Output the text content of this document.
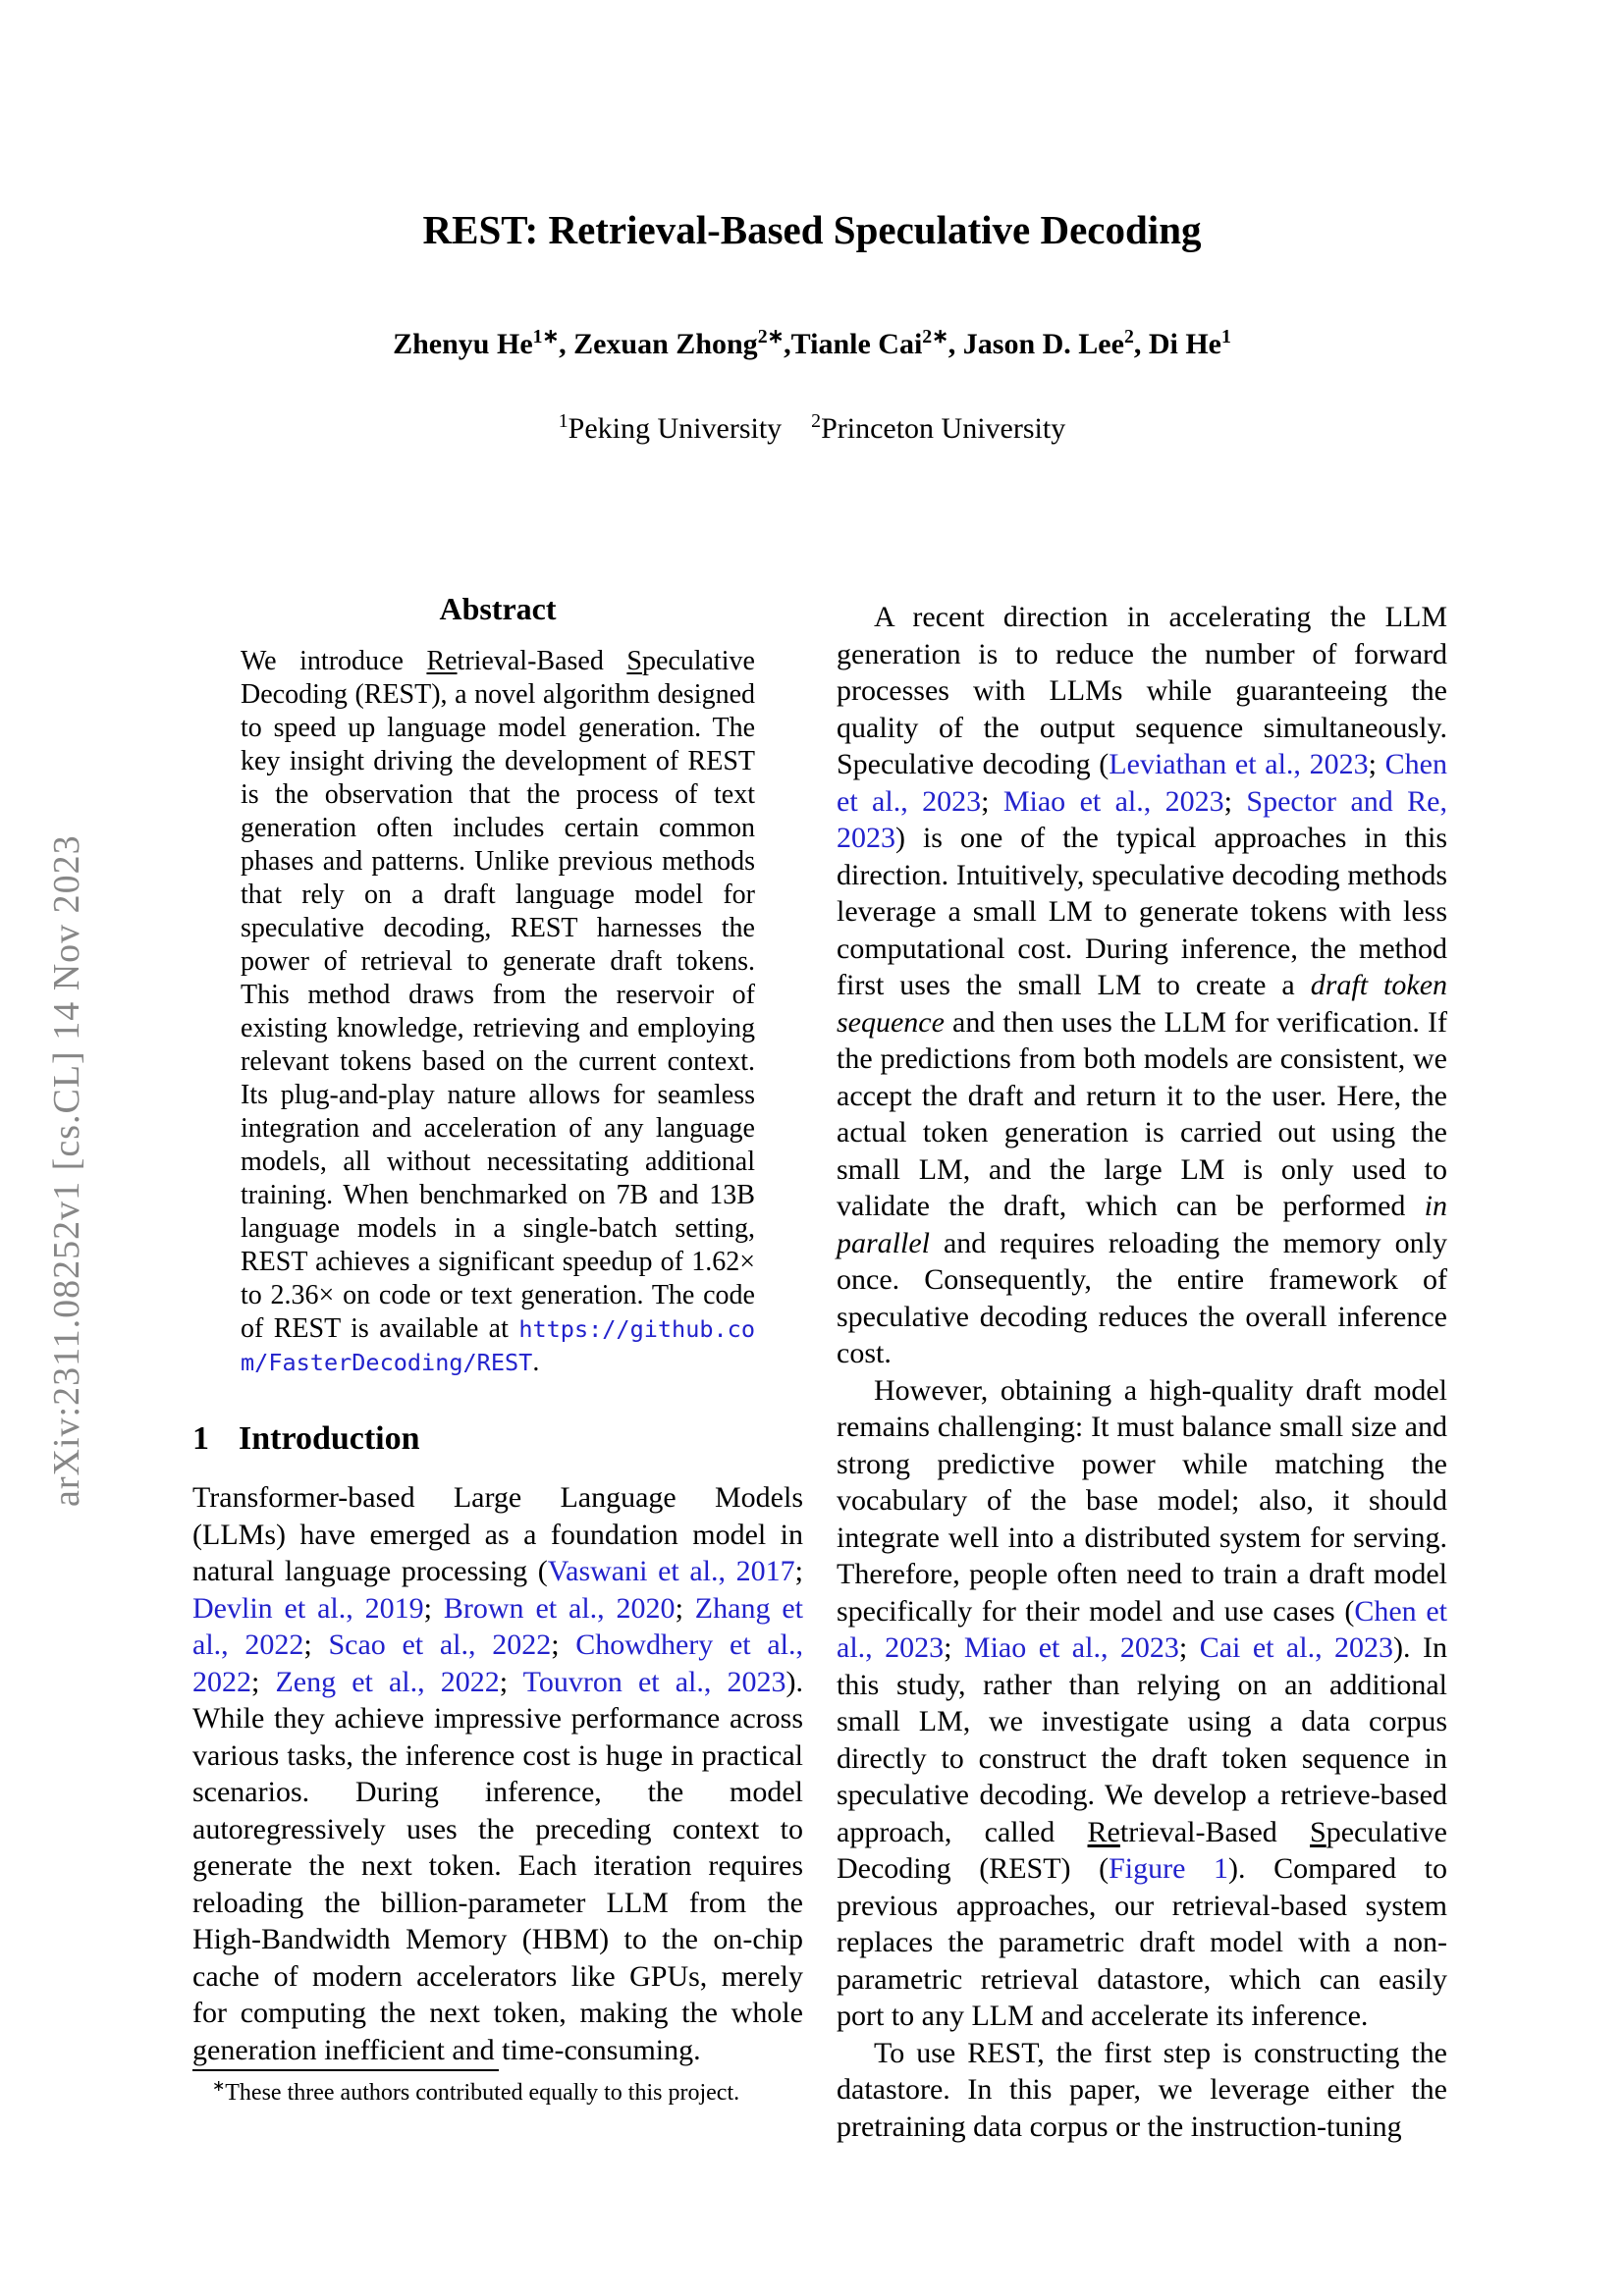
arXiv:2311.08252v1 [cs.CL] 14 Nov 2023
REST: Retrieval-Based Speculative Decoding
Zhenyu $He^{1∗}$, Zexuan Zhong$^{2∗}$,Tianle Cai$^{2∗}$, Jason D. Lee$^2$, Di He$^1$
$^1$Peking University  $^2$Princeton University
Abstract
We introduce Retrieval-Based Speculative Decoding (REST), a novel algorithm designed to speed up language model generation. The key insight driving the development of REST is the observation that the process of text generation often includes certain common phases and patterns. Unlike previous methods that rely on a draft language model for speculative decoding, REST harnesses the power of retrieval to generate draft tokens. This method draws from the reservoir of existing knowledge, retrieving and employing relevant tokens based on the current context. Its plug-and-play nature allows for seamless integration and acceleration of any language models, all without necessitating additional training. When benchmarked on 7B and 13B language models in a single-batch setting, REST achieves a significant speedup of 1.62× to 2.36× on code or text generation. The code of REST is available at https://github.com/FasterDecoding/REST.
1 Introduction

Transformer-based Large Language Models (LLMs) have emerged as a foundation model in natural language processing (Vaswani et al., 2017; Devlin et al., 2019; Brown et al., 2020; Zhang et al., 2022; Scao et al., 2022; Chowdhery et al., 2022; Zeng et al., 2022; Touvron et al., 2023). While they achieve impressive performance across various tasks, the inference cost is huge in practical scenarios. During inference, the model autoregressively uses the preceding context to generate the next token. Each iteration requires reloading the billion-parameter LLM from the High-Bandwidth Memory (HBM) to the on-chip cache of modern accelerators like GPUs, merely for computing the next token, making the whole generation inefficient and time-consuming.

∗These three authors contributed equally to this project.

A recent direction in accelerating the LLM generation is to reduce the number of forward processes with LLMs while guaranteeing the quality of the output sequence simultaneously. Speculative decoding (Leviathan et al., 2023; Chen et al., 2023; Miao et al., 2023; Spector and Re, 2023) is one of the typical approaches in this direction. Intuitively, speculative decoding methods leverage a small LM to generate tokens with less computational cost. During inference, the method first uses the small LM to create a draft token sequence and then uses the LLM for verification. If the predictions from both models are consistent, we accept the draft and return it to the user. Here, the actual token generation is carried out using the small LM, and the large LM is only used to validate the draft, which can be performed in parallel and requires reloading the memory only once. Consequently, the entire framework of speculative decoding reduces the overall inference cost.

However, obtaining a high-quality draft model remains challenging: It must balance small size and strong predictive power while matching the vocabulary of the base model; also, it should integrate well into a distributed system for serving. Therefore, people often need to train a draft model specifically for their model and use cases (Chen et al., 2023; Miao et al., 2023; Cai et al., 2023). In this study, rather than relying on an additional small LM, we investigate using a data corpus directly to construct the draft token sequence in speculative decoding. We develop a retrieve-based approach, called Retrieval-Based Speculative Decoding (REST) (Figure 1). Compared to previous approaches, our retrieval-based system replaces the parametric draft model with a non-parametric retrieval datastore, which can easily port to any LLM and accelerate its inference.

To use REST, the first step is constructing the datastore. In this paper, we leverage either the pretraining data corpus or the instruction-tuning
